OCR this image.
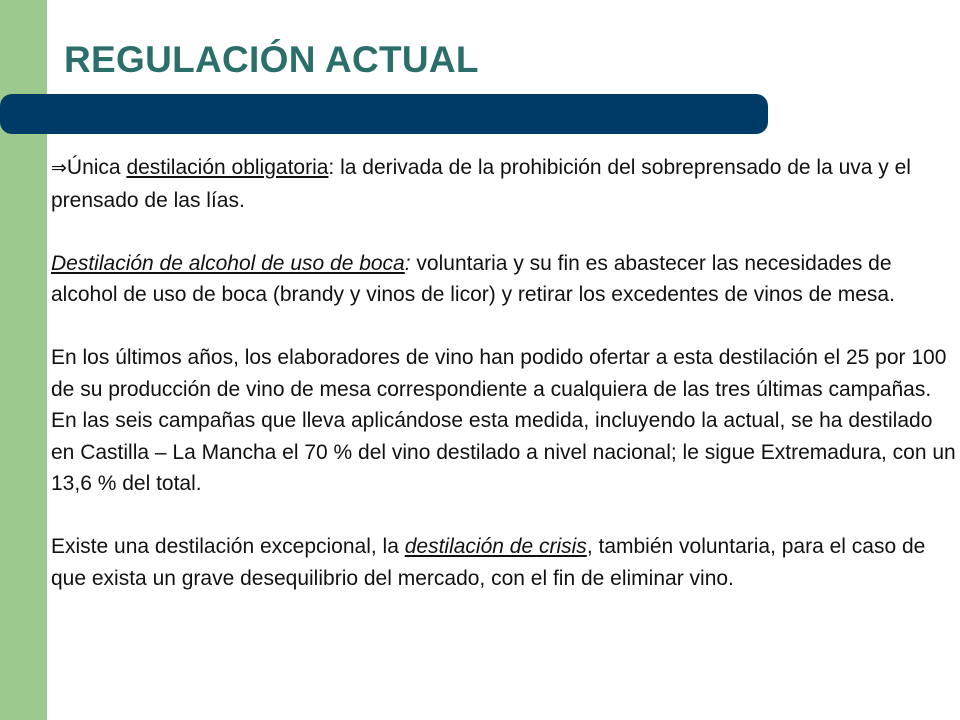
REGULACIÓN ACTUAL

⇒Única destilación obligatoria: la derivada de la prohibición del sobreprensado de la uva y el prensado de las lías.

Destilación de alcohol de uso de boca: voluntaria y su fin es abastecer las necesidades de alcohol de uso de boca (brandy y vinos de licor) y retirar los excedentes de vinos de mesa.

En los últimos años, los elaboradores de vino han podido ofertar a esta destilación el 25 por 100 de su producción de vino de mesa correspondiente a cualquiera de las tres últimas campañas. En las seis campañas que lleva aplicándose esta medida, incluyendo la actual, se ha destilado en Castilla – La Mancha el 70 % del vino destilado a nivel nacional; le sigue Extremadura, con un 13,6 % del total.

Existe una destilación excepcional, la destilación de crisis, también voluntaria, para el caso de que exista un grave desequilibrio del mercado, con el fin de eliminar vino.
